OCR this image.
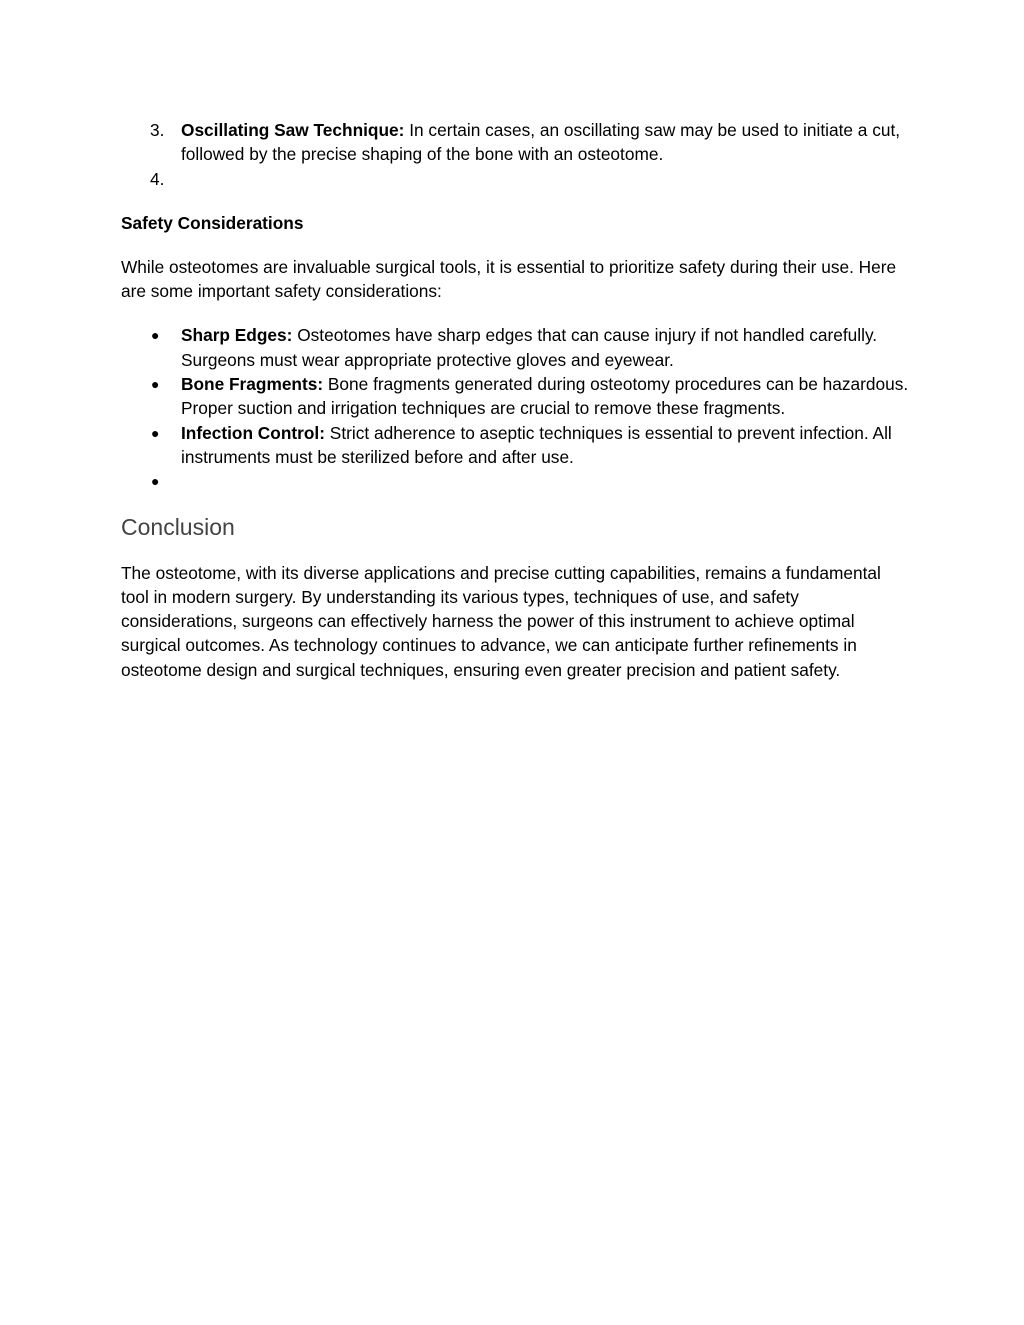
3. Oscillating Saw Technique: In certain cases, an oscillating saw may be used to initiate a cut, followed by the precise shaping of the bone with an osteotome.
4.
Safety Considerations

While osteotomes are invaluable surgical tools, it is essential to prioritize safety during their use. Here are some important safety considerations:

● Sharp Edges: Osteotomes have sharp edges that can cause injury if not handled carefully. Surgeons must wear appropriate protective gloves and eyewear.
● Bone Fragments: Bone fragments generated during osteotomy procedures can be hazardous. Proper suction and irrigation techniques are crucial to remove these fragments.
● Infection Control: Strict adherence to aseptic techniques is essential to prevent infection. All instruments must be sterilized before and after use.
●
Conclusion

The osteotome, with its diverse applications and precise cutting capabilities, remains a fundamental tool in modern surgery. By understanding its various types, techniques of use, and safety considerations, surgeons can effectively harness the power of this instrument to achieve optimal surgical outcomes. As technology continues to advance, we can anticipate further refinements in osteotome design and surgical techniques, ensuring even greater precision and patient safety.
